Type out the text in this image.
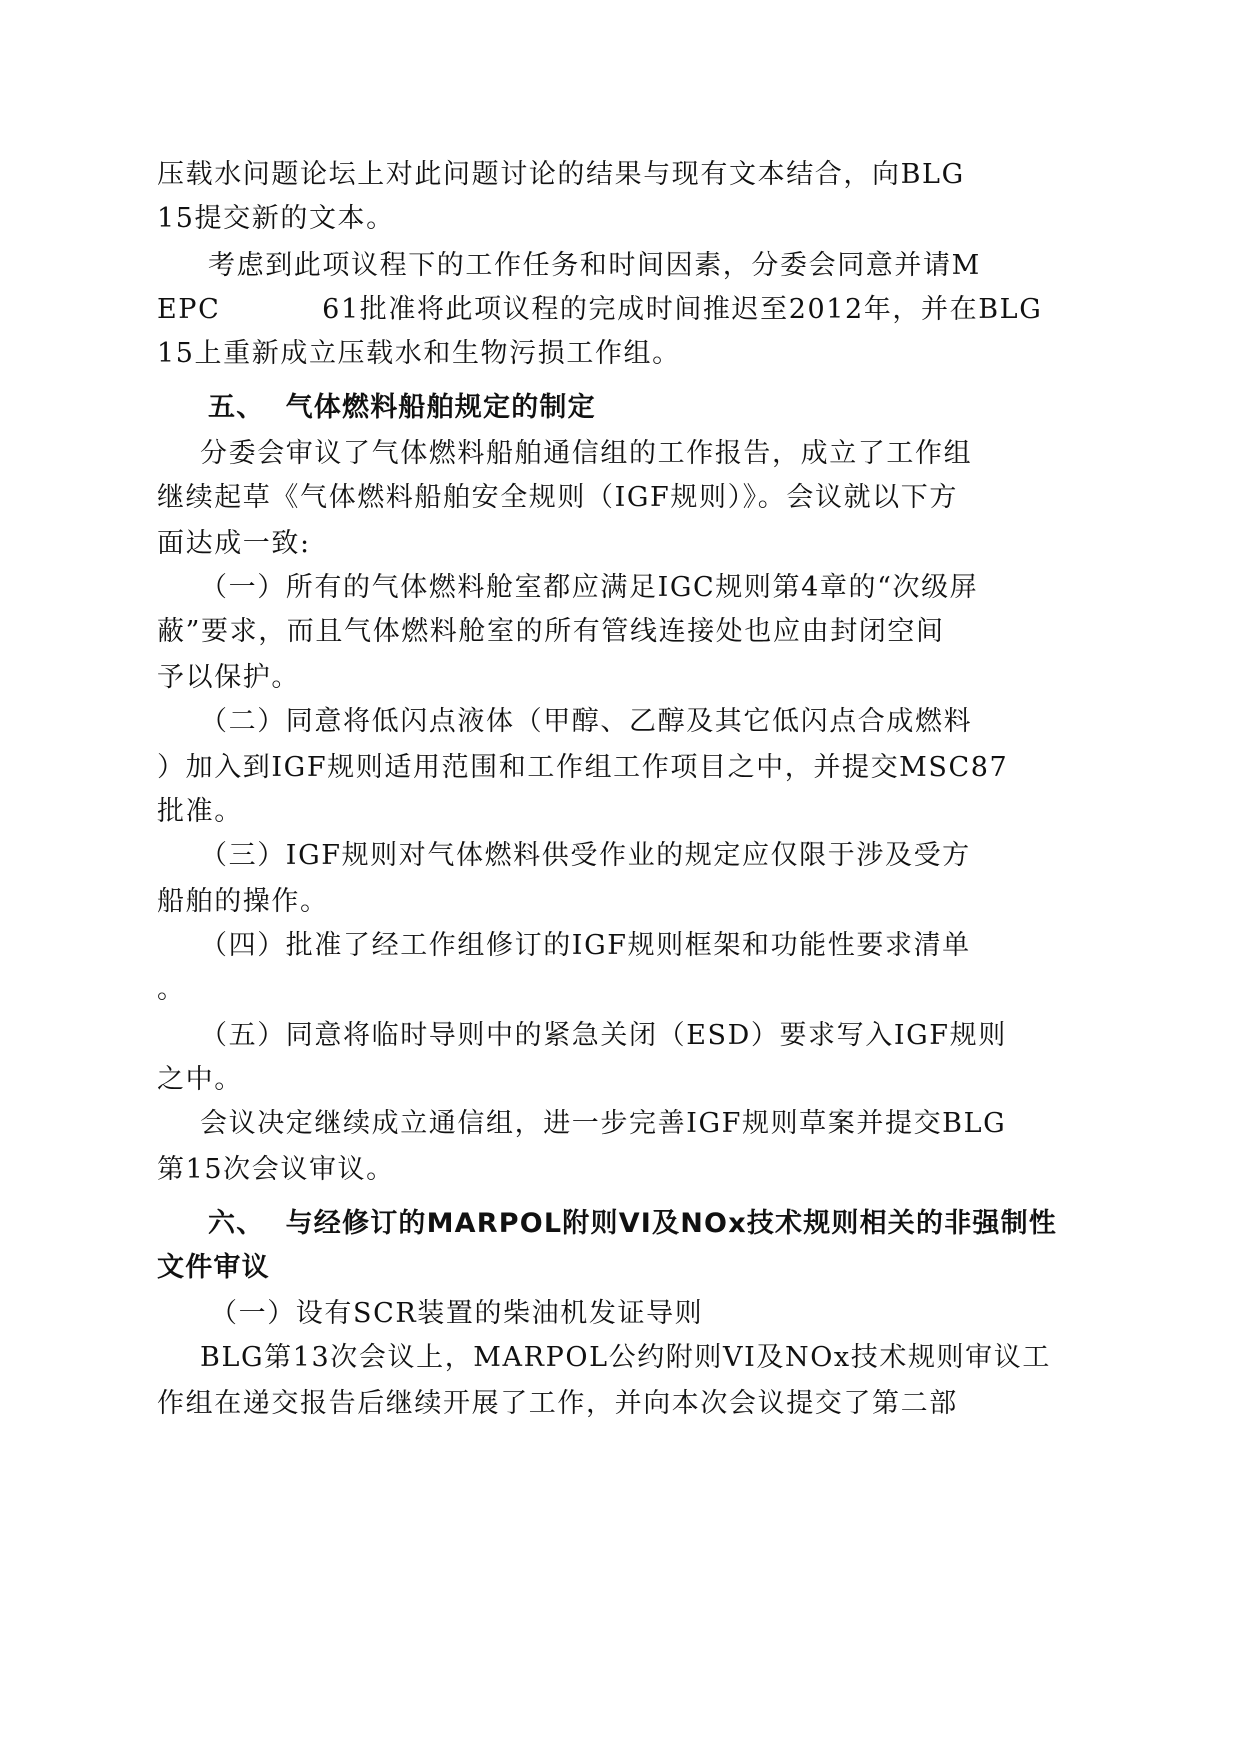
压载水问题论坛上对此问题讨论的结果与现有文本结合，向BLG
15提交新的文本。
考虑到此项议程下的工作任务和时间因素，分委会同意并请M
EPC          61批准将此项议程的完成时间推迟至2012年，并在BLG
15上重新成立压载水和生物污损工作组。
五、  气体燃料船舶规定的制定
分委会审议了气体燃料船舶通信组的工作报告，成立了工作组
继续起草《气体燃料船舶安全规则（IGF规则）》。会议就以下方
面达成一致:
（一）所有的气体燃料舱室都应满足IGC规则第4章的“次级屏
蔽”要求，而且气体燃料舱室的所有管线连接处也应由封闭空间
予以保护。
（二）同意将低闪点液体（甲醇、乙醇及其它低闪点合成燃料
）加入到IGF规则适用范围和工作组工作项目之中，并提交MSC87
批准。
（三）IGF规则对气体燃料供受作业的规定应仅限于涉及受方
船舶的操作。
（四）批准了经工作组修订的IGF规则框架和功能性要求清单
。
（五）同意将临时导则中的紧急关闭（ESD）要求写入IGF规则
之中。
会议决定继续成立通信组，进一步完善IGF规则草案并提交BLG
第15次会议审议。
六、  与经修订的MARPOL附则VI及NOx技术规则相关的非强制性
文件审议
（一）设有SCR装置的柴油机发证导则
BLG第13次会议上，MARPOL公约附则VI及NOx技术规则审议工
作组在递交报告后继续开展了工作，并向本次会议提交了第二部
